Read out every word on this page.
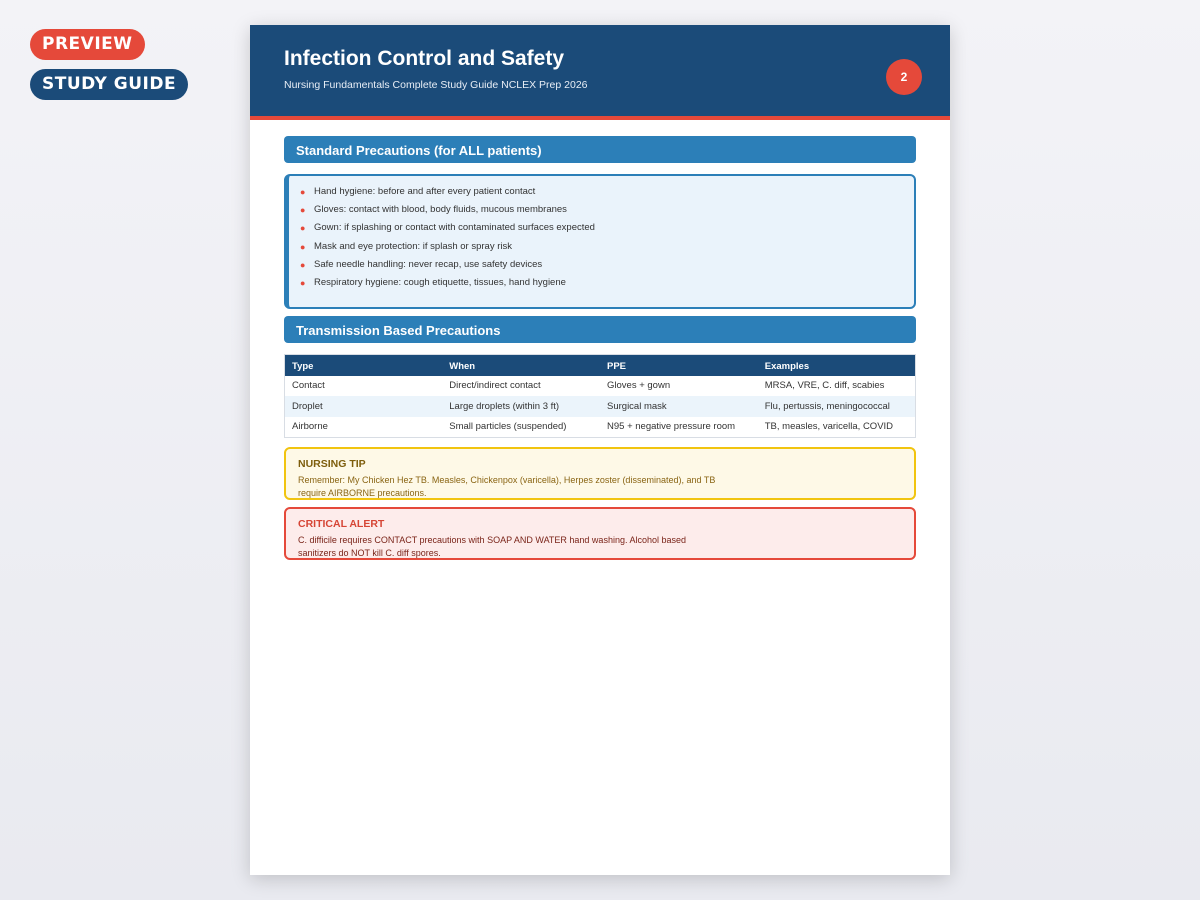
PREVIEW
STUDY GUIDE
Infection Control and Safety
Nursing Fundamentals Complete Study Guide NCLEX Prep 2026
2
Standard Precautions (for ALL patients)
● Hand hygiene: before and after every patient contact
● Gloves: contact with blood, body fluids, mucous membranes
● Gown: if splashing or contact with contaminated surfaces expected
● Mask and eye protection: if splash or spray risk
● Safe needle handling: never recap, use safety devices
● Respiratory hygiene: cough etiquette, tissues, hand hygiene
Transmission Based Precautions
Type	When	PPE	Examples
Contact	Direct/indirect contact	Gloves + gown	MRSA, VRE, C. diff, scabies
Droplet	Large droplets (within 3 ft)	Surgical mask	Flu, pertussis, meningococcal
Airborne	Small particles (suspended)	N95 + negative pressure room	TB, measles, varicella, COVID
NURSING TIP
Remember: My Chicken Hez TB. Measles, Chickenpox (varicella), Herpes zoster (disseminated), and TB require AIRBORNE precautions.
CRITICAL ALERT
C. difficile requires CONTACT precautions with SOAP AND WATER hand washing. Alcohol based sanitizers do NOT kill C. diff spores.
